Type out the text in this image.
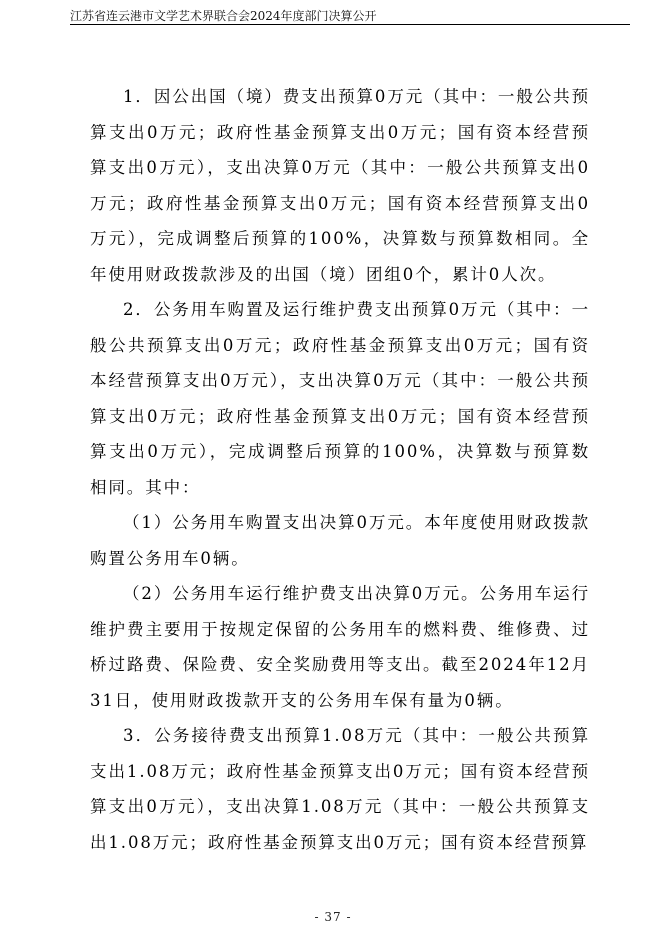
江苏省连云港市文学艺术界联合会2024年度部门决算公开

1．因公出国（境）费支出预算0万元（其中：一般公共预算支出0万元；政府性基金预算支出0万元；国有资本经营预算支出0万元），支出决算0万元（其中：一般公共预算支出0万元；政府性基金预算支出0万元；国有资本经营预算支出0万元），完成调整后预算的100%，决算数与预算数相同。全年使用财政拨款涉及的出国（境）团组0个，累计0人次。

2．公务用车购置及运行维护费支出预算0万元（其中：一般公共预算支出0万元；政府性基金预算支出0万元；国有资本经营预算支出0万元），支出决算0万元（其中：一般公共预算支出0万元；政府性基金预算支出0万元；国有资本经营预算支出0万元），完成调整后预算的100%，决算数与预算数相同。其中：

（1）公务用车购置支出决算0万元。本年度使用财政拨款购置公务用车0辆。

（2）公务用车运行维护费支出决算0万元。公务用车运行维护费主要用于按规定保留的公务用车的燃料费、维修费、过桥过路费、保险费、安全奖励费用等支出。截至2024年12月31日，使用财政拨款开支的公务用车保有量为0辆。

3．公务接待费支出预算1.08万元（其中：一般公共预算支出1.08万元；政府性基金预算支出0万元；国有资本经营预算支出0万元），支出决算1.08万元（其中：一般公共预算支出1.08万元；政府性基金预算支出0万元；国有资本经营预算

- 37 -
